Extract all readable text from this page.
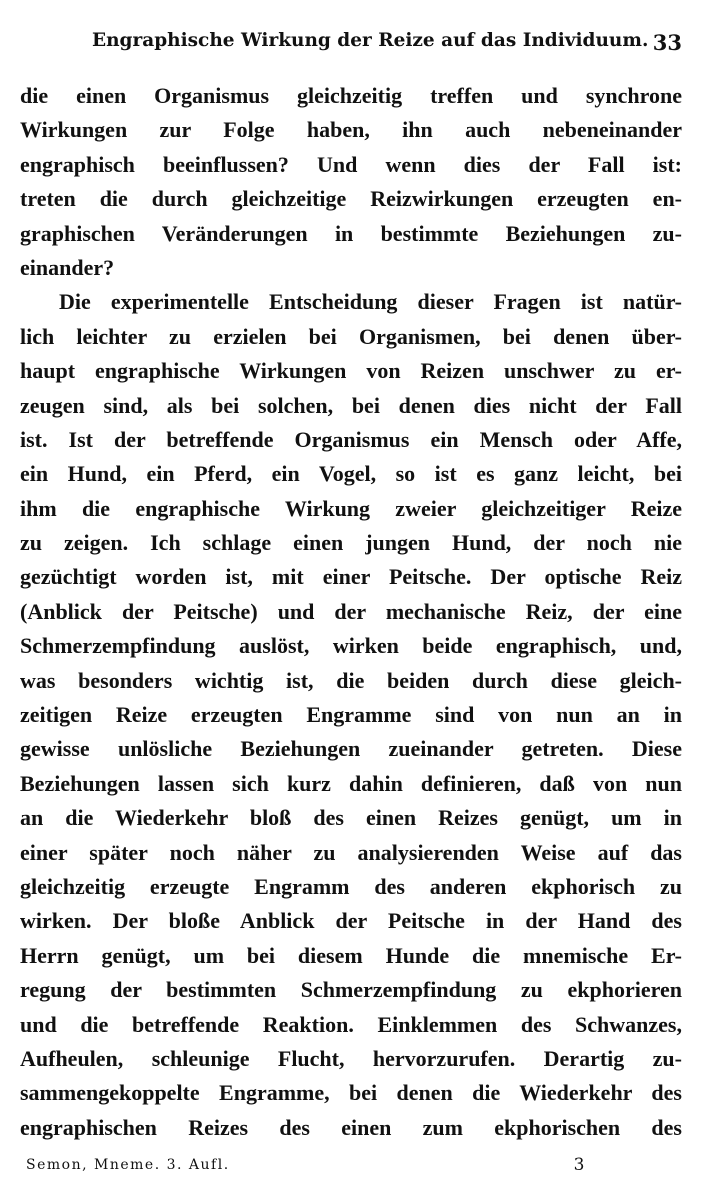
Engraphische Wirkung der Reize auf das Individuum. 33
die einen Organismus gleichzeitig treffen und synchrone
Wirkungen zur Folge haben, ihn auch nebeneinander
engraphisch beeinflussen? Und wenn dies der Fall ist:
treten die durch gleichzeitige Reizwirkungen erzeugten en-
graphischen Veränderungen in bestimmte Beziehungen zu-
einander?
Die experimentelle Entscheidung dieser Fragen ist natür-
lich leichter zu erzielen bei Organismen, bei denen über-
haupt engraphische Wirkungen von Reizen unschwer zu er-
zeugen sind, als bei solchen, bei denen dies nicht der Fall
ist. Ist der betreffende Organismus ein Mensch oder Affe,
ein Hund, ein Pferd, ein Vogel, so ist es ganz leicht, bei
ihm die engraphische Wirkung zweier gleichzeitiger Reize
zu zeigen. Ich schlage einen jungen Hund, der noch nie
gezüchtigt worden ist, mit einer Peitsche. Der optische Reiz
(Anblick der Peitsche) und der mechanische Reiz, der eine
Schmerzempfindung auslöst, wirken beide engraphisch, und,
was besonders wichtig ist, die beiden durch diese gleich-
zeitigen Reize erzeugten Engramme sind von nun an in
gewisse unlösliche Beziehungen zueinander getreten. Diese
Beziehungen lassen sich kurz dahin definieren, daß von nun
an die Wiederkehr bloß des einen Reizes genügt, um in
einer später noch näher zu analysierenden Weise auf das
gleichzeitig erzeugte Engramm des anderen ekphorisch zu
wirken. Der bloße Anblick der Peitsche in der Hand des
Herrn genügt, um bei diesem Hunde die mnemische Er-
regung der bestimmten Schmerzempfindung zu ekphorieren
und die betreffende Reaktion. Einklemmen des Schwanzes,
Aufheulen, schleunige Flucht, hervorzurufen. Derartig zu-
sammengekoppelte Engramme, bei denen die Wiederkehr des
engraphischen Reizes des einen zum ekphorischen des
Semon, Mneme. 3. Aufl.	3
